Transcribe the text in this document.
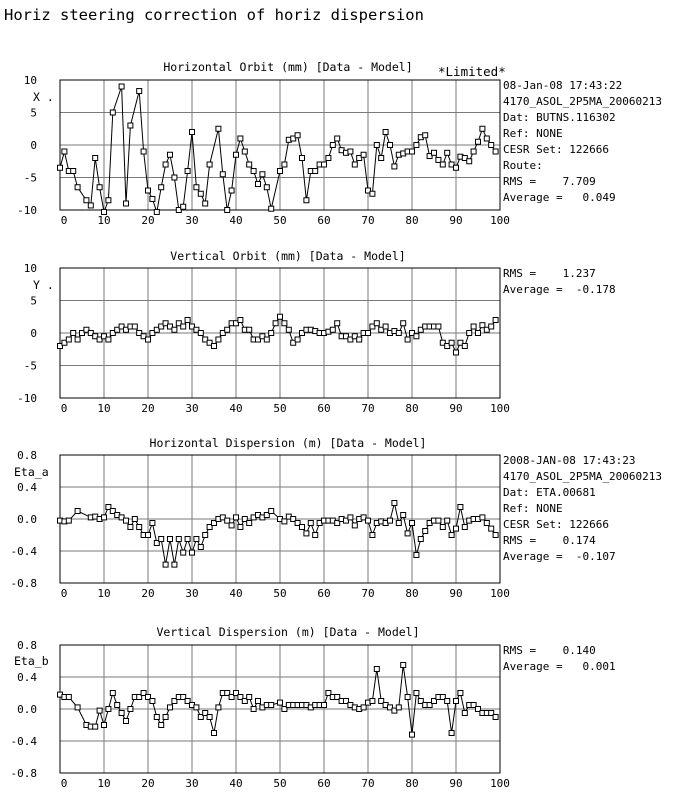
Horiz steering correction of horiz dispersion
0	10	20	30	40	50	60	70	80	90 100
10
5
0
-5
-10
X .
Horizontal Orbit (mm) [Data - Model] *Limited*
0	10	20	30	40	50	60	70	80	90 100
10
5
0
-5
-10
Y .
Vertical Orbit (mm) [Data - Model]
0	10	20	30	40	50	60	70	80	90 100
0.8
0.4
0.0
-0.4
-0.8
Eta_a
Horizontal Dispersion (m) [Data - Model]
0	10	20	30	40	50	60	70	80	90 100
0.8
0.4
0.0
-0.4
-0.8
Eta_b
Vertical Dispersion (m) [Data - Model]
08-Jan-08 17:43:22
4170_ASOL_2P5MA_20060213
Dat: BUTNS.116302
Ref: NONE
CESR Set: 122666
Route:
RMS =    7.709
Average =   0.049
RMS =    1.237
Average =  -0.178
2008-JAN-08 17:43:23
4170_ASOL_2P5MA_20060213
Dat: ETA.00681
Ref: NONE
CESR Set: 122666
RMS =    0.174
Average =  -0.107
RMS =    0.140
Average =   0.001
